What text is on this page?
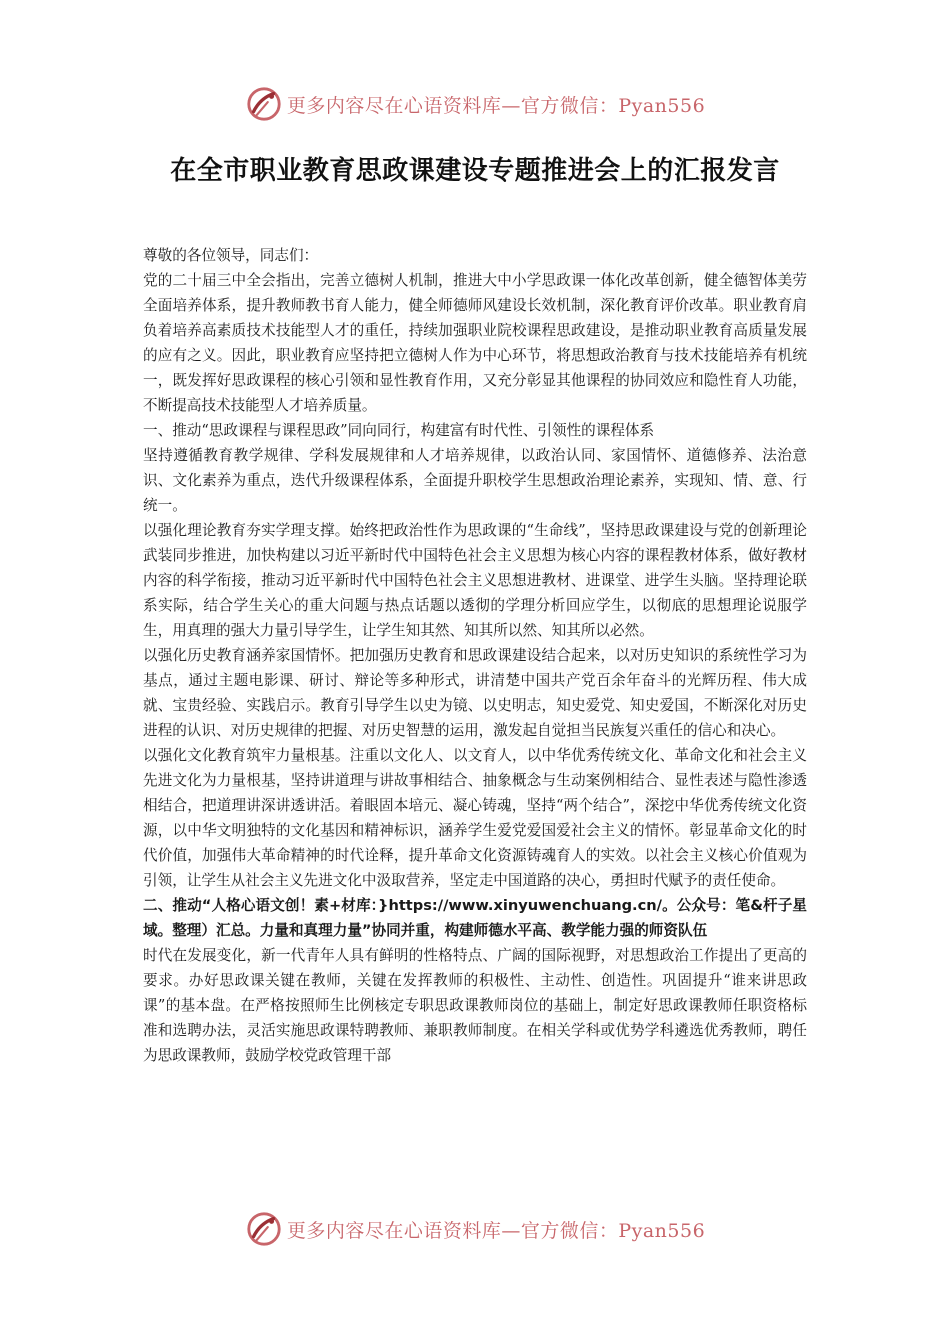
更多内容尽在心语资料库—官方微信：Pyan556
在全市职业教育思政课建设专题推进会上的汇报发言

尊敬的各位领导，同志们：

党的二十届三中全会指出，完善立德树人机制，推进大中小学思政课一体化改革创新，健全德智体美劳全面培养体系，提升教师教书育人能力，健全师德师风建设长效机制，深化教育评价改革。职业教育肩负着培养高素质技术技能型人才的重任，持续加强职业院校课程思政建设，是推动职业教育高质量发展的应有之义。因此，职业教育应坚持把立德树人作为中心环节，将思想政治教育与技术技能培养有机统一，既发挥好思政课程的核心引领和显性教育作用，又充分彰显其他课程的协同效应和隐性育人功能，不断提高技术技能型人才培养质量。

一、推动“思政课程与课程思政”同向同行，构建富有时代性、引领性的课程体系

坚持遵循教育教学规律、学科发展规律和人才培养规律，以政治认同、家国情怀、道德修养、法治意识、文化素养为重点，迭代升级课程体系，全面提升职校学生思想政治理论素养，实现知、情、意、行统一。

以强化理论教育夯实学理支撑。始终把政治性作为思政课的“生命线”，坚持思政课建设与党的创新理论武装同步推进，加快构建以习近平新时代中国特色社会主义思想为核心内容的课程教材体系，做好教材内容的科学衔接，推动习近平新时代中国特色社会主义思想进教材、进课堂、进学生头脑。坚持理论联系实际，结合学生关心的重大问题与热点话题以透彻的学理分析回应学生，以彻底的思想理论说服学生，用真理的强大力量引导学生，让学生知其然、知其所以然、知其所以必然。

以强化历史教育涵养家国情怀。把加强历史教育和思政课建设结合起来，以对历史知识的系统性学习为基点，通过主题电影课、研讨、辩论等多种形式，讲清楚中国共产党百余年奋斗的光辉历程、伟大成就、宝贵经验、实践启示。教育引导学生以史为镜、以史明志，知史爱党、知史爱国，不断深化对历史进程的认识、对历史规律的把握、对历史智慧的运用，激发起自觉担当民族复兴重任的信心和决心。

以强化文化教育筑牢力量根基。注重以文化人、以文育人，以中华优秀传统文化、革命文化和社会主义先进文化为力量根基，坚持讲道理与讲故事相结合、抽象概念与生动案例相结合、显性表述与隐性渗透相结合，把道理讲深讲透讲活。着眼固本培元、凝心铸魂，坚持“两个结合”，深挖中华优秀传统文化资源，以中华文明独特的文化基因和精神标识，涵养学生爱党爱国爱社会主义的情怀。彰显革命文化的时代价值，加强伟大革命精神的时代诠释，提升革命文化资源铸魂育人的实效。以社会主义核心价值观为引领，让学生从社会主义先进文化中汲取营养，坚定走中国道路的决心，勇担时代赋予的责任使命。

二、推动“人格心语文创！素+材库：}https://www.xinyuwenchuang.cn/。公众号：笔&杆子星域。整理）汇总。力量和真理力量”协同并重，构建师德水平高、教学能力强的师资队伍

时代在发展变化，新一代青年人具有鲜明的性格特点、广阔的国际视野，对思想政治工作提出了更高的要求。办好思政课关键在教师，关键在发挥教师的积极性、主动性、创造性。巩固提升“谁来讲思政课”的基本盘。在严格按照师生比例核定专职思政课教师岗位的基础上，制定好思政课教师任职资格标准和选聘办法，灵活实施思政课特聘教师、兼职教师制度。在相关学科或优势学科遴选优秀教师，聘任为思政课教师，鼓励学校党政管理干部

更多内容尽在心语资料库—官方微信：Pyan556
